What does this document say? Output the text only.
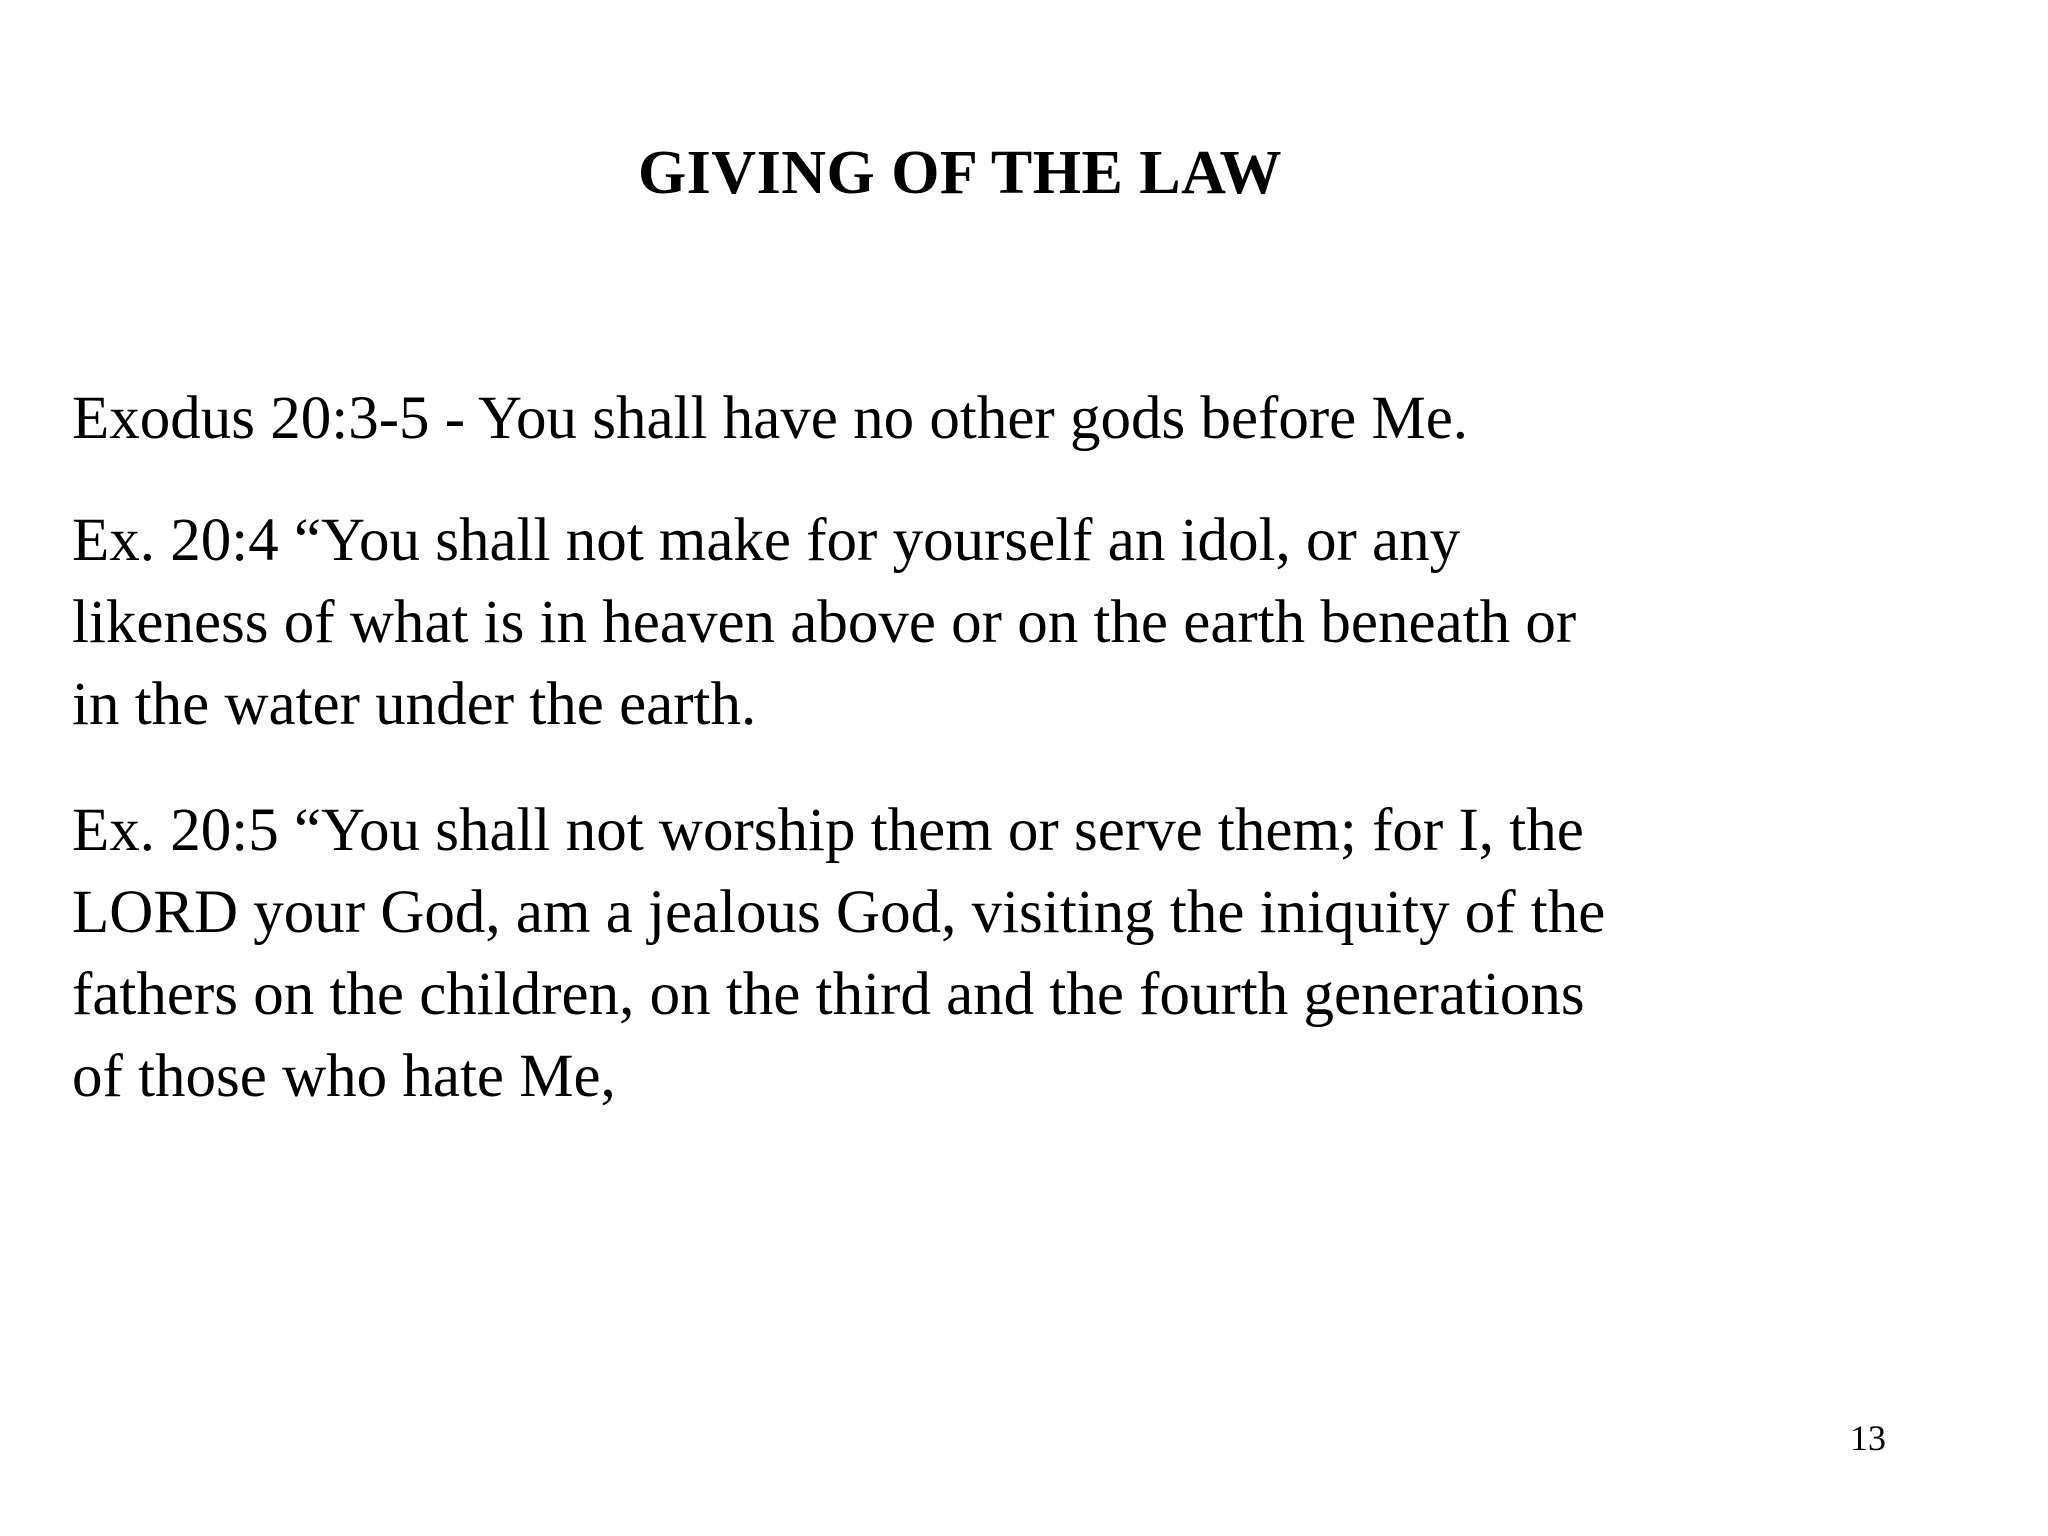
GIVING OF THE LAW

Exodus 20:3-5 - You shall have no other gods before Me.

Ex. 20:4 “You shall not make for yourself an idol, or any
likeness of what is in heaven above or on the earth beneath or
in the water under the earth.

Ex. 20:5 “You shall not worship them or serve them; for I, the
LORD your God, am a jealous God, visiting the iniquity of the
fathers on the children, on the third and the fourth generations
of those who hate Me,

13
